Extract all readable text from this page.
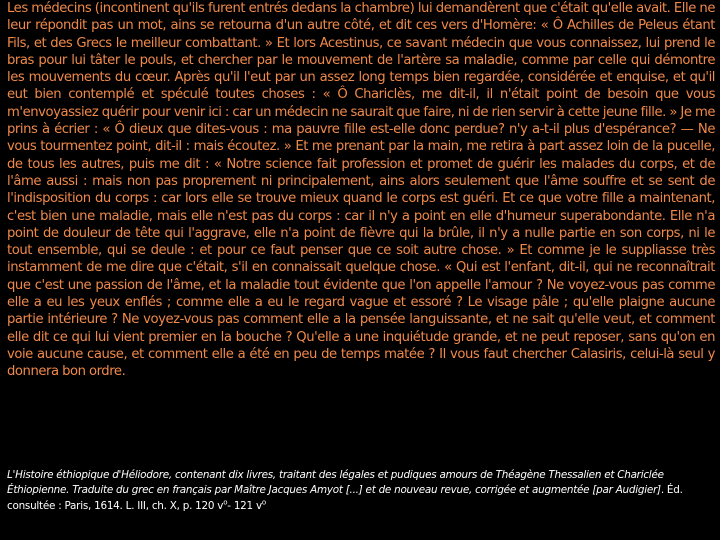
Les médecins (incontinent qu'ils furent entrés dedans la chambre) lui demandèrent que c'était qu'elle avait. Elle ne leur répondit pas un mot, ains se retourna d'un autre côté, et dit ces vers d'Homère: « Ô Achilles de Peleus étant Fils, et des Grecs le meilleur combattant. » Et lors Acestinus, ce savant médecin que vous connaissez, lui prend le bras pour lui tâter le pouls, et chercher par le mouvement de l'artère sa maladie, comme par celle qui démontre les mouvements du cœur. Après qu'il l'eut par un assez long temps bien regardée, considérée et enquise, et qu'il eut bien contemplé et spéculé toutes choses : « Ô Chariclès, me dit-il, il n'était point de besoin que vous m'envoyassiez quérir pour venir ici : car un médecin ne saurait que faire, ni de rien servir à cette jeune fille. » Je me prins à écrier : « Ô dieux que dites-vous : ma pauvre fille est-elle donc perdue? n'y a-t-il plus d'espérance? — Ne vous tourmentez point, dit-il : mais écoutez. » Et me prenant par la main, me retira à part assez loin de la pucelle, de tous les autres, puis me dit : « Notre science fait profession et promet de guérir les malades du corps, et de l'âme aussi : mais non pas proprement ni principalement, ains alors seulement que l'âme souffre et se sent de l'indisposition du corps : car lors elle se trouve mieux quand le corps est guéri. Et ce que votre fille a maintenant, c'est bien une maladie, mais elle n'est pas du corps : car il n'y a point en elle d'humeur superabondante. Elle n'a point de douleur de tête qui l'aggrave, elle n'a point de fièvre qui la brûle, il n'y a nulle partie en son corps, ni le tout ensemble, qui se deule : et pour ce faut penser que ce soit autre chose. » Et comme je le suppliasse très instamment de me dire que c'était, s'il en connaissait quelque chose. « Qui est l'enfant, dit-il, qui ne reconnaîtrait que c'est une passion de l'âme, et la maladie tout évidente que l'on appelle l'amour ? Ne voyez-vous pas comme elle a eu les yeux enflés ; comme elle a eu le regard vague et essoré ? Le visage pâle ; qu'elle plaigne aucune partie intérieure ? Ne voyez-vous pas comment elle a la pensée languissante, et ne sait qu'elle veut, et comment elle dit ce qui lui vient premier en la bouche ? Qu'elle a une inquiétude grande, et ne peut reposer, sans qu'on en voie aucune cause, et comment elle a été en peu de temps matée ? Il vous faut chercher Calasiris, celui-là seul y donnera bon ordre.

L'Histoire éthiopique d'Héliodore, contenant dix livres, traitant des légales et pudiques amours de Théagène Thessalien et Chariclée Éthiopienne. Traduite du grec en français par Maître Jacques Amyot [...] et de nouveau revue, corrigée et augmentée [par Audigier]. Éd. consultée : Paris, 1614. L. III, ch. X, p. 120 $v^o-$ 121 $v^o$
